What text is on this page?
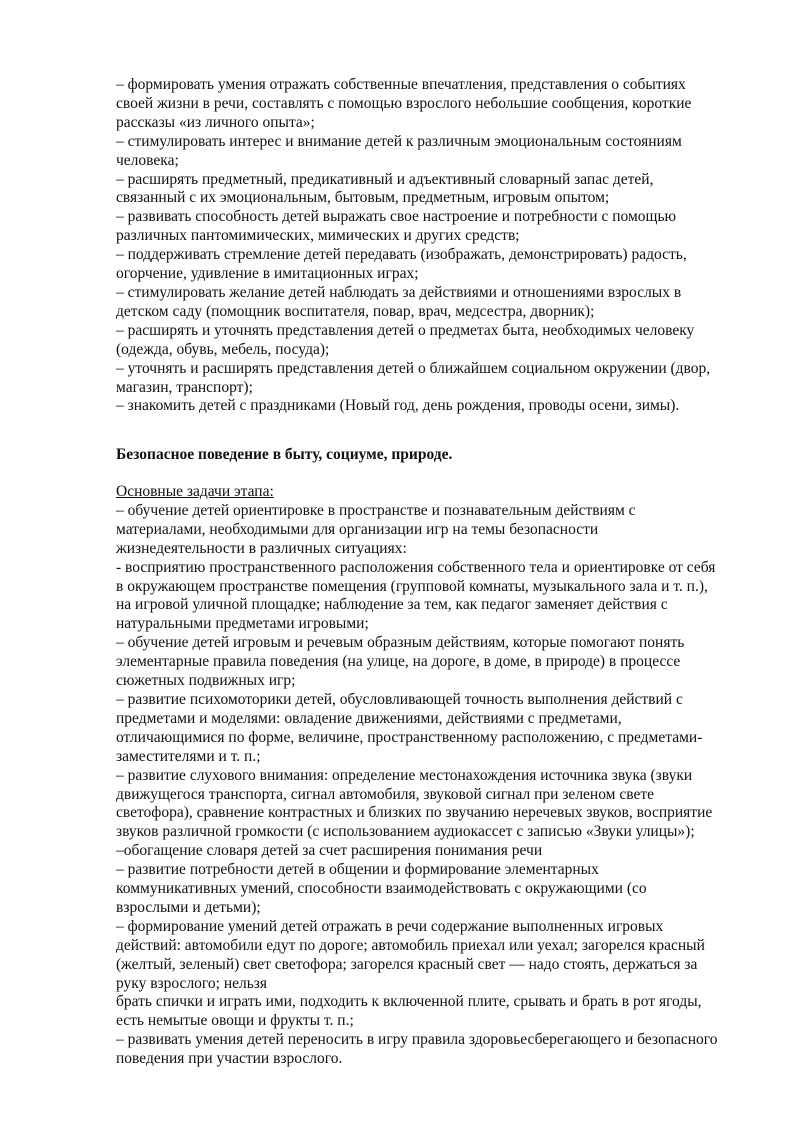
– формировать умения отражать собственные впечатления, представления о событиях
своей жизни в речи, составлять с помощью взрослого небольшие сообщения, короткие
рассказы «из личного опыта»;
– стимулировать интерес и внимание детей к различным эмоциональным состояниям
человека;
– расширять предметный, предикативный и адъективный словарный запас детей,
связанный с их эмоциональным, бытовым, предметным, игровым опытом;
– развивать способность детей выражать свое настроение и потребности с помощью
различных пантомимических, мимических и других средств;
– поддерживать стремление детей передавать (изображать, демонстрировать) радость,
огорчение, удивление в имитационных играх;
– стимулировать желание детей наблюдать за действиями и отношениями взрослых в
детском саду (помощник воспитателя, повар, врач, медсестра, дворник);
– расширять и уточнять представления детей о предметах быта, необходимых человеку
(одежда, обувь, мебель, посуда);
– уточнять и расширять представления детей о ближайшем социальном окружении (двор,
магазин, транспорт);
– знакомить детей с праздниками (Новый год, день рождения, проводы осени, зимы).
Безопасное поведение в быту, социуме, природе.
Основные задачи этапа:
– обучение детей ориентировке в пространстве и познавательным действиям с
материалами, необходимыми для организации игр на темы безопасности
жизнедеятельности в различных ситуациях:
- восприятию пространственного расположения собственного тела и ориентировке от себя
в окружающем пространстве помещения (групповой комнаты, музыкального зала и т. п.),
на игровой уличной площадке; наблюдение за тем, как педагог заменяет действия с
натуральными предметами игровыми;
– обучение детей игровым и речевым образным действиям, которые помогают понять
элементарные правила поведения (на улице, на дороге, в доме, в природе) в процессе
сюжетных подвижных игр;
– развитие психомоторики детей, обусловливающей точность выполнения действий с
предметами и моделями: овладение движениями, действиями с предметами,
отличающимися по форме, величине, пространственному расположению, с предметами-
заместителями и т. п.;
– развитие слухового внимания: определение местонахождения источника звука (звуки
движущегося транспорта, сигнал автомобиля, звуковой сигнал при зеленом свете
светофора), сравнение контрастных и близких по звучанию неречевых звуков, восприятие
звуков различной громкости (с использованием аудиокассет с записью «Звуки улицы»);
–обогащение словаря детей за счет расширения понимания речи
– развитие потребности детей в общении и формирование элементарных
коммуникативных умений, способности взаимодействовать с окружающими (со
взрослыми и детьми);
– формирование умений детей отражать в речи содержание выполненных игровых
действий: автомобили едут по дороге; автомобиль приехал или уехал; загорелся красный
(желтый, зеленый) свет светофора; загорелся красный свет — надо стоять, держаться за
руку взрослого; нельзя
брать спички и играть ими, подходить к включенной плите, срывать и брать в рот ягоды,
есть немытые овощи и фрукты т. п.;
– развивать умения детей переносить в игру правила здоровьесберегающего и безопасного
поведения при участии взрослого.
